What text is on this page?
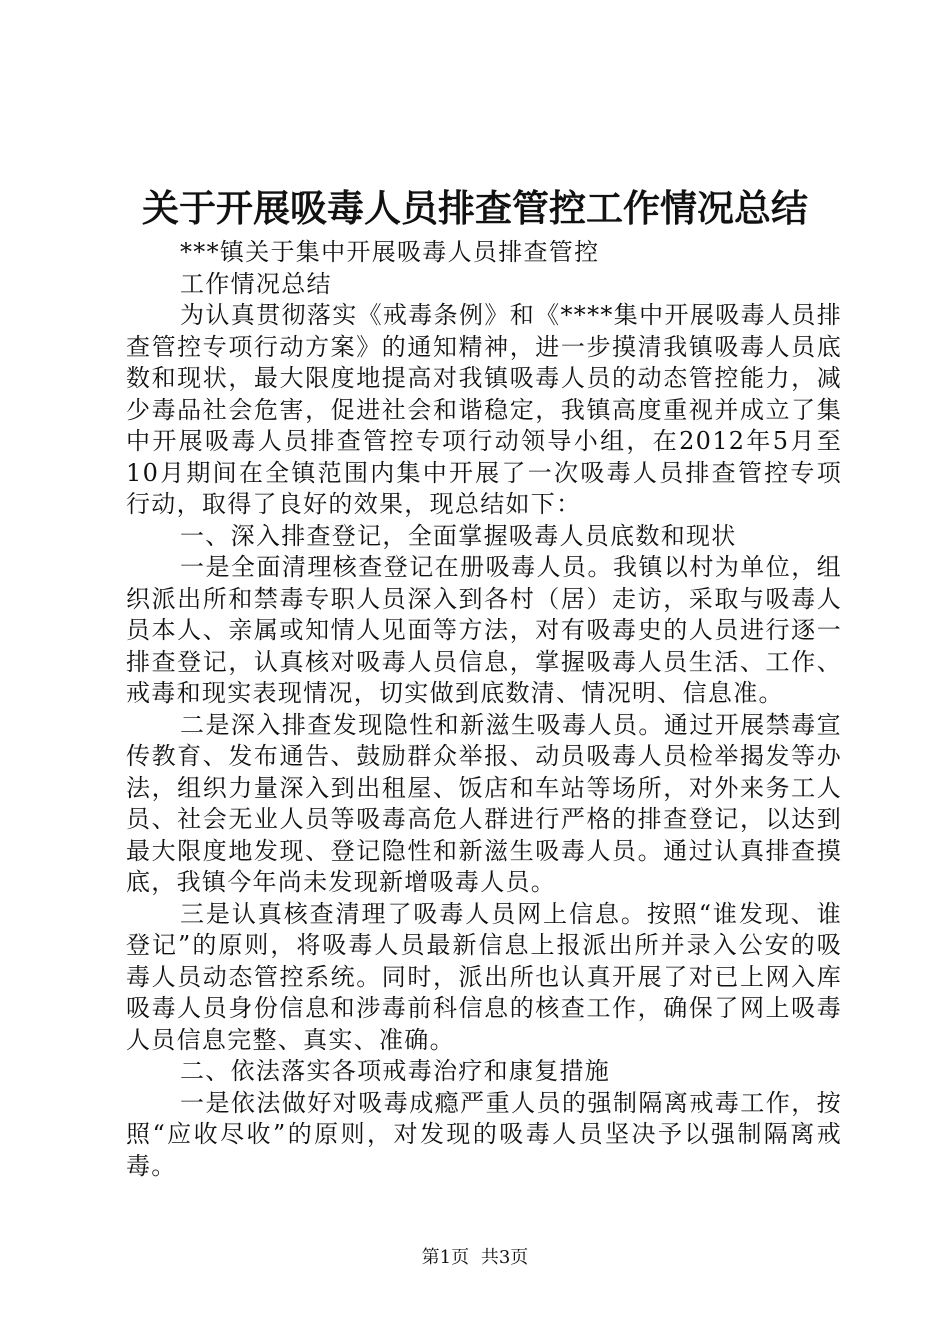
关于开展吸毒人员排查管控工作情况总结

***镇关于集中开展吸毒人员排查管控

工作情况总结

为认真贯彻落实《戒毒条例》和《****集中开展吸毒人员排查管控专项行动方案》的通知精神，进一步摸清我镇吸毒人员底数和现状，最大限度地提高对我镇吸毒人员的动态管控能力，减少毒品社会危害，促进社会和谐稳定，我镇高度重视并成立了集中开展吸毒人员排查管控专项行动领导小组，在2012年5月至10月期间在全镇范围内集中开展了一次吸毒人员排查管控专项行动，取得了良好的效果，现总结如下：

一、深入排查登记，全面掌握吸毒人员底数和现状

一是全面清理核查登记在册吸毒人员。我镇以村为单位，组织派出所和禁毒专职人员深入到各村（居）走访，采取与吸毒人员本人、亲属或知情人见面等方法，对有吸毒史的人员进行逐一排查登记，认真核对吸毒人员信息，掌握吸毒人员生活、工作、戒毒和现实表现情况，切实做到底数清、情况明、信息准。

二是深入排查发现隐性和新滋生吸毒人员。通过开展禁毒宣传教育、发布通告、鼓励群众举报、动员吸毒人员检举揭发等办法，组织力量深入到出租屋、饭店和车站等场所，对外来务工人员、社会无业人员等吸毒高危人群进行严格的排查登记，以达到最大限度地发现、登记隐性和新滋生吸毒人员。通过认真排查摸底，我镇今年尚未发现新增吸毒人员。

三是认真核查清理了吸毒人员网上信息。按照“谁发现、谁登记”的原则，将吸毒人员最新信息上报派出所并录入公安的吸毒人员动态管控系统。同时，派出所也认真开展了对已上网入库吸毒人员身份信息和涉毒前科信息的核查工作，确保了网上吸毒人员信息完整、真实、准确。

二、依法落实各项戒毒治疗和康复措施

一是依法做好对吸毒成瘾严重人员的强制隔离戒毒工作，按照“应收尽收”的原则，对发现的吸毒人员坚决予以强制隔离戒毒。

第1页 共3页
